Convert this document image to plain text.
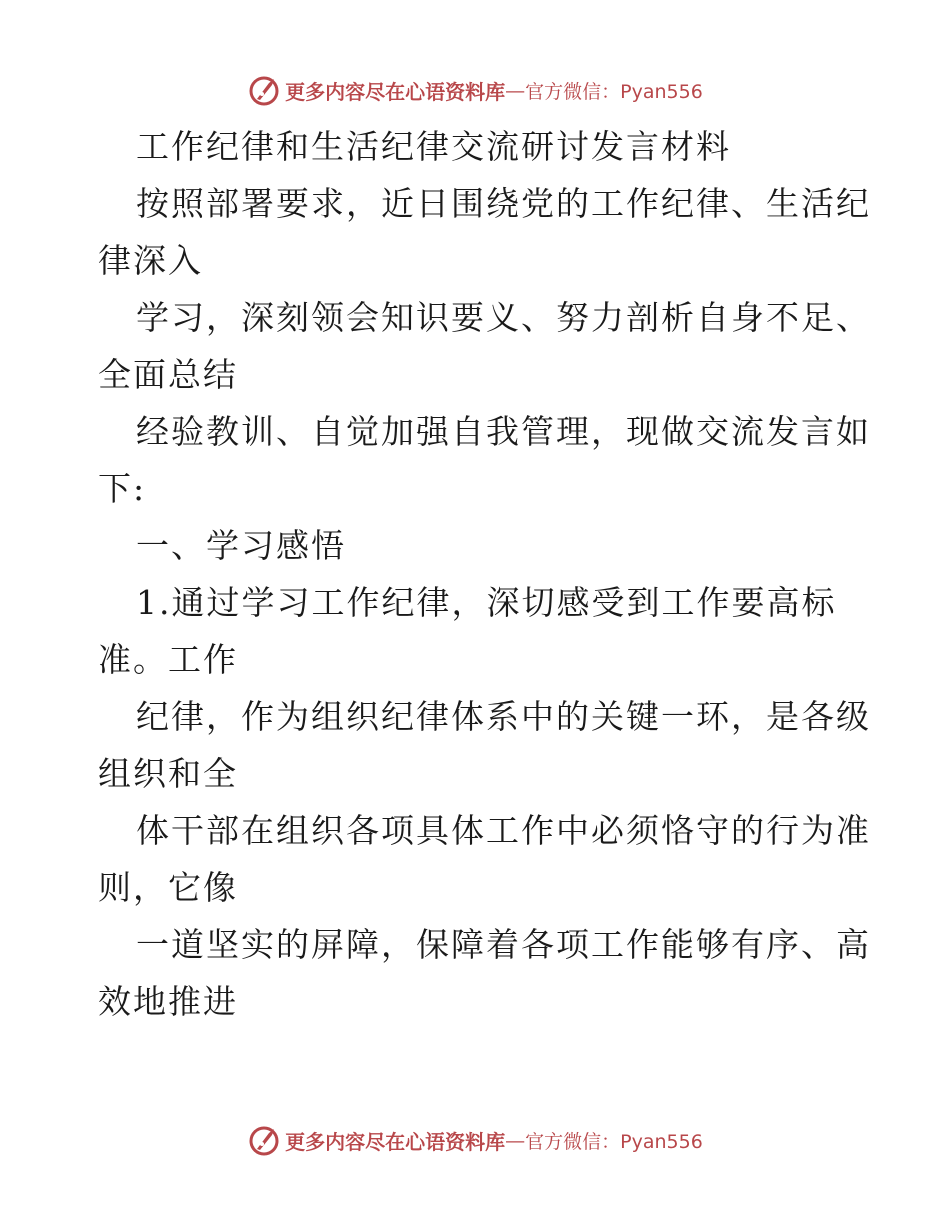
更多内容尽在心语资料库 — 官方微信：Pyan556
工作纪律和生活纪律交流研讨发言材料
按照部署要求，近日围绕党的工作纪律、生活纪
律深入
学习，深刻领会知识要义、努力剖析自身不足、
全面总结
经验教训、自觉加强自我管理，现做交流发言如
下:
一、学习感悟
1.通过学习工作纪律，深切感受到工作要高标
准。工作
纪律，作为组织纪律体系中的关键一环，是各级
组织和全
体干部在组织各项具体工作中必须恪守的行为准
则，它像
一道坚实的屏障，保障着各项工作能够有序、高
效地推进
更多内容尽在心语资料库 — 官方微信：Pyan556
